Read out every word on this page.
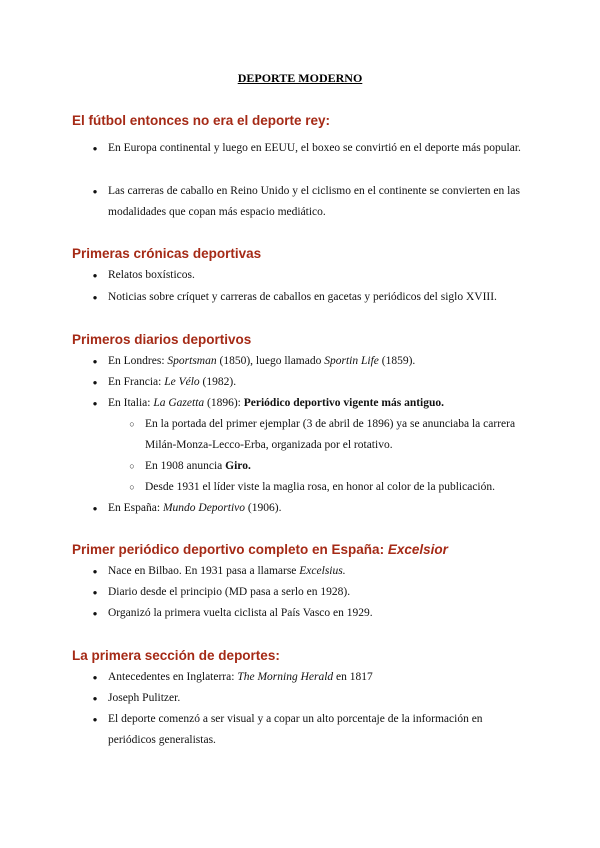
DEPORTE MODERNO
El fútbol entonces no era el deporte rey:
● En Europa continental y luego en EEUU, el boxeo se convirtió en el deporte más popular.
● Las carreras de caballo en Reino Unido y el ciclismo en el continente se convierten en las modalidades que copan más espacio mediático.
Primeras crónicas deportivas
● Relatos boxísticos.
● Noticias sobre críquet y carreras de caballos en gacetas y periódicos del siglo XVIII.
Primeros diarios deportivos
● En Londres: Sportsman (1850), luego llamado Sportin Life (1859).
● En Francia: Le Vélo (1982).
● En Italia: La Gazetta (1896): Periódico deportivo vigente más antiguo.
○ En la portada del primer ejemplar (3 de abril de 1896) ya se anunciaba la carrera Milán-Monza-Lecco-Erba, organizada por el rotativo.
○ En 1908 anuncia Giro.
○ Desde 1931 el líder viste la maglia rosa, en honor al color de la publicación.
● En España: Mundo Deportivo (1906).
Primer periódico deportivo completo en España: Excelsior
● Nace en Bilbao. En 1931 pasa a llamarse Excelsius.
● Diario desde el principio (MD pasa a serlo en 1928).
● Organizó la primera vuelta ciclista al País Vasco en 1929.
La primera sección de deportes:
● Antecedentes en Inglaterra: The Morning Herald en 1817
● Joseph Pulitzer.
● El deporte comenzó a ser visual y a copar un alto porcentaje de la información en periódicos generalistas.
